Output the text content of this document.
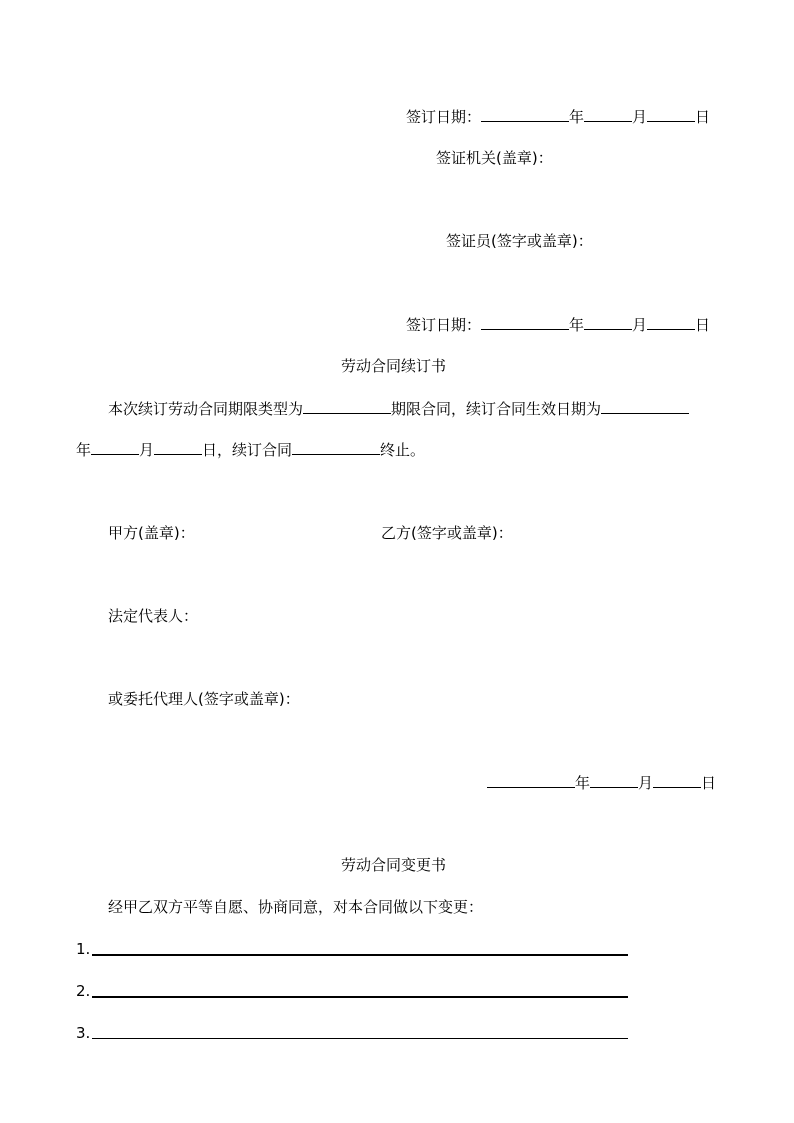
签订日期：	年	月	日
签证机关(盖章)：
签证员(签字或盖章)：
签订日期：	年	月	日
劳动合同续订书
本次续订劳动合同期限类型为	期限合同，续订合同生效日期为
年	月	日，续订合同	终止。
甲方(盖章)：	乙方(签字或盖章)：
法定代表人：
或委托代理人(签字或盖章)：
年	月	日
劳动合同变更书
经甲乙双方平等自愿、协商同意，对本合同做以下变更：
1.
2.
3.
